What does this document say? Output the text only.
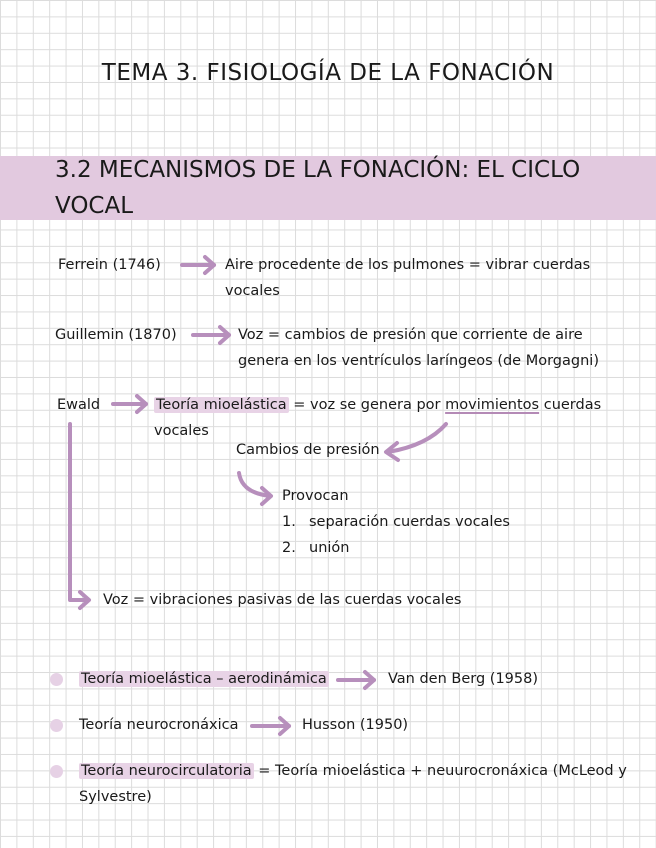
TEMA 3. FISIOLOGÍA DE LA FONACIÓN
3.2 MECANISMOS DE LA FONACIÓN: EL CICLO VOCAL
Ferrein (1746)	Aire procedente de los pulmones = vibrar cuerdas
vocales
Guillemin (1870)	Voz = cambios de presión que corriente de aire
genera en los ventrículos laríngeos (de Morgagni)
Ewald	Teoría mioelástica = voz se genera por movimientos cuerdas
vocales
Cambios de presión
Provocan
1. separación cuerdas vocales
2. unión
Voz = vibraciones pasivas de las cuerdas vocales
Teoría mioelástica – aerodinámica	Van den Berg (1958)
Teoría neurocronáxica	Husson (1950)
Teoría neurocirculatoria = Teoría mioelástica + neuurocronáxica (McLeod y
Sylvestre)
